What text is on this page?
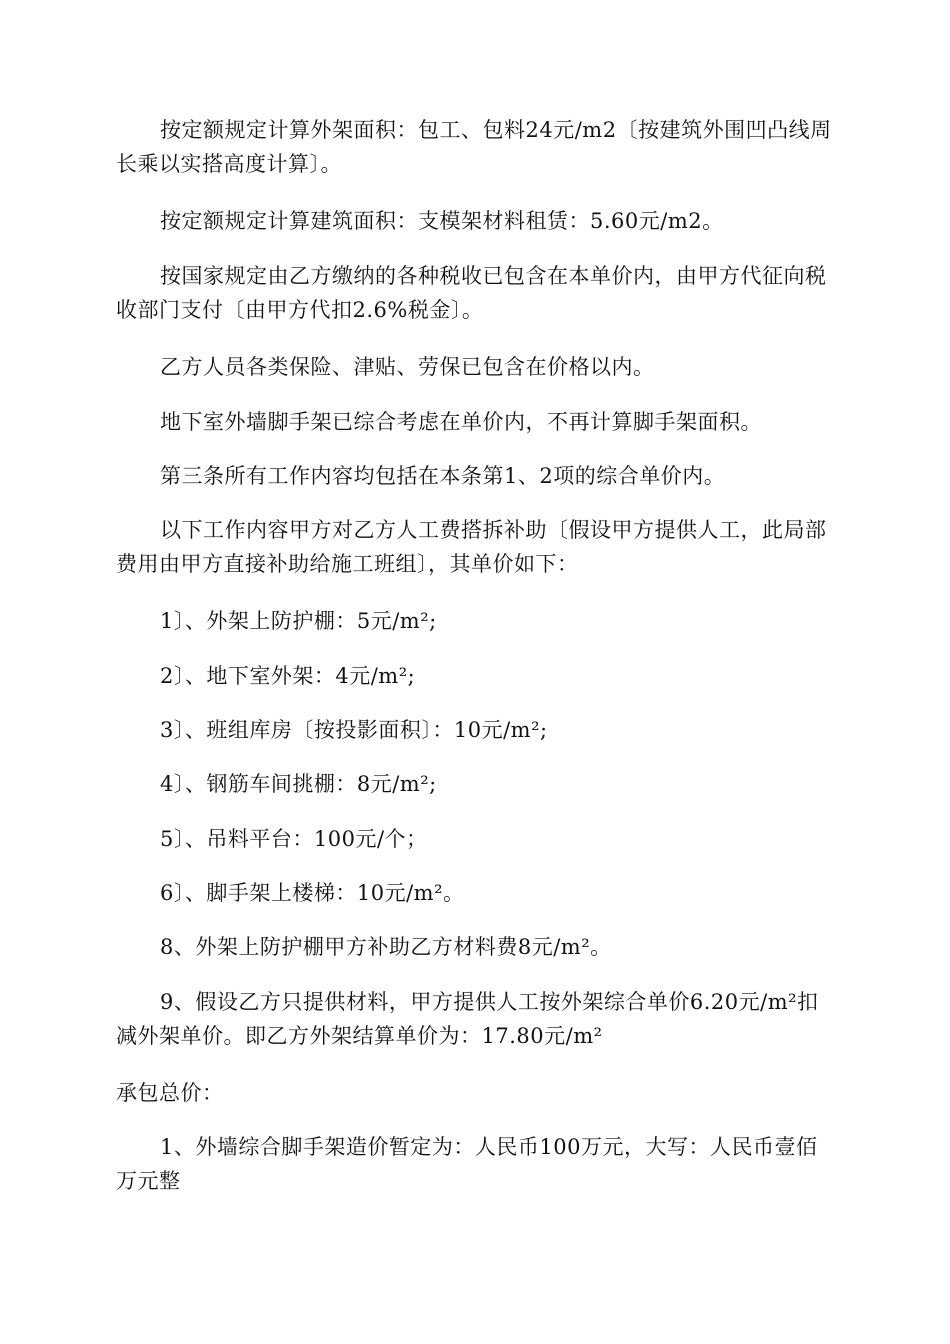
按定额规定计算外架面积：包工、包料24元/m2〔按建筑外围凹凸线周长乘以实搭高度计算〕。

按定额规定计算建筑面积：支模架材料租赁：5.60元/m2。

按国家规定由乙方缴纳的各种税收已包含在本单价内，由甲方代征向税收部门支付〔由甲方代扣2.6%税金〕。

乙方人员各类保险、津贴、劳保已包含在价格以内。

地下室外墙脚手架已综合考虑在单价内，不再计算脚手架面积。

第三条所有工作内容均包括在本条第1、2项的综合单价内。

以下工作内容甲方对乙方人工费搭拆补助〔假设甲方提供人工，此局部费用由甲方直接补助给施工班组〕，其单价如下：

1〕、外架上防护棚：5元/m²;

2〕、地下室外架：4元/m²;

3〕、班组库房〔按投影面积〕：10元/m²;

4〕、钢筋车间挑棚：8元/m²;

5〕、吊料平台：100元/个；

6〕、脚手架上楼梯：10元/m²。

8、外架上防护棚甲方补助乙方材料费8元/m²。

9、假设乙方只提供材料，甲方提供人工按外架综合单价6.20元/m²扣减外架单价。即乙方外架结算单价为：17.80元/m²

承包总价：

1、外墙综合脚手架造价暂定为：人民币100万元，大写：人民币壹佰万元整
